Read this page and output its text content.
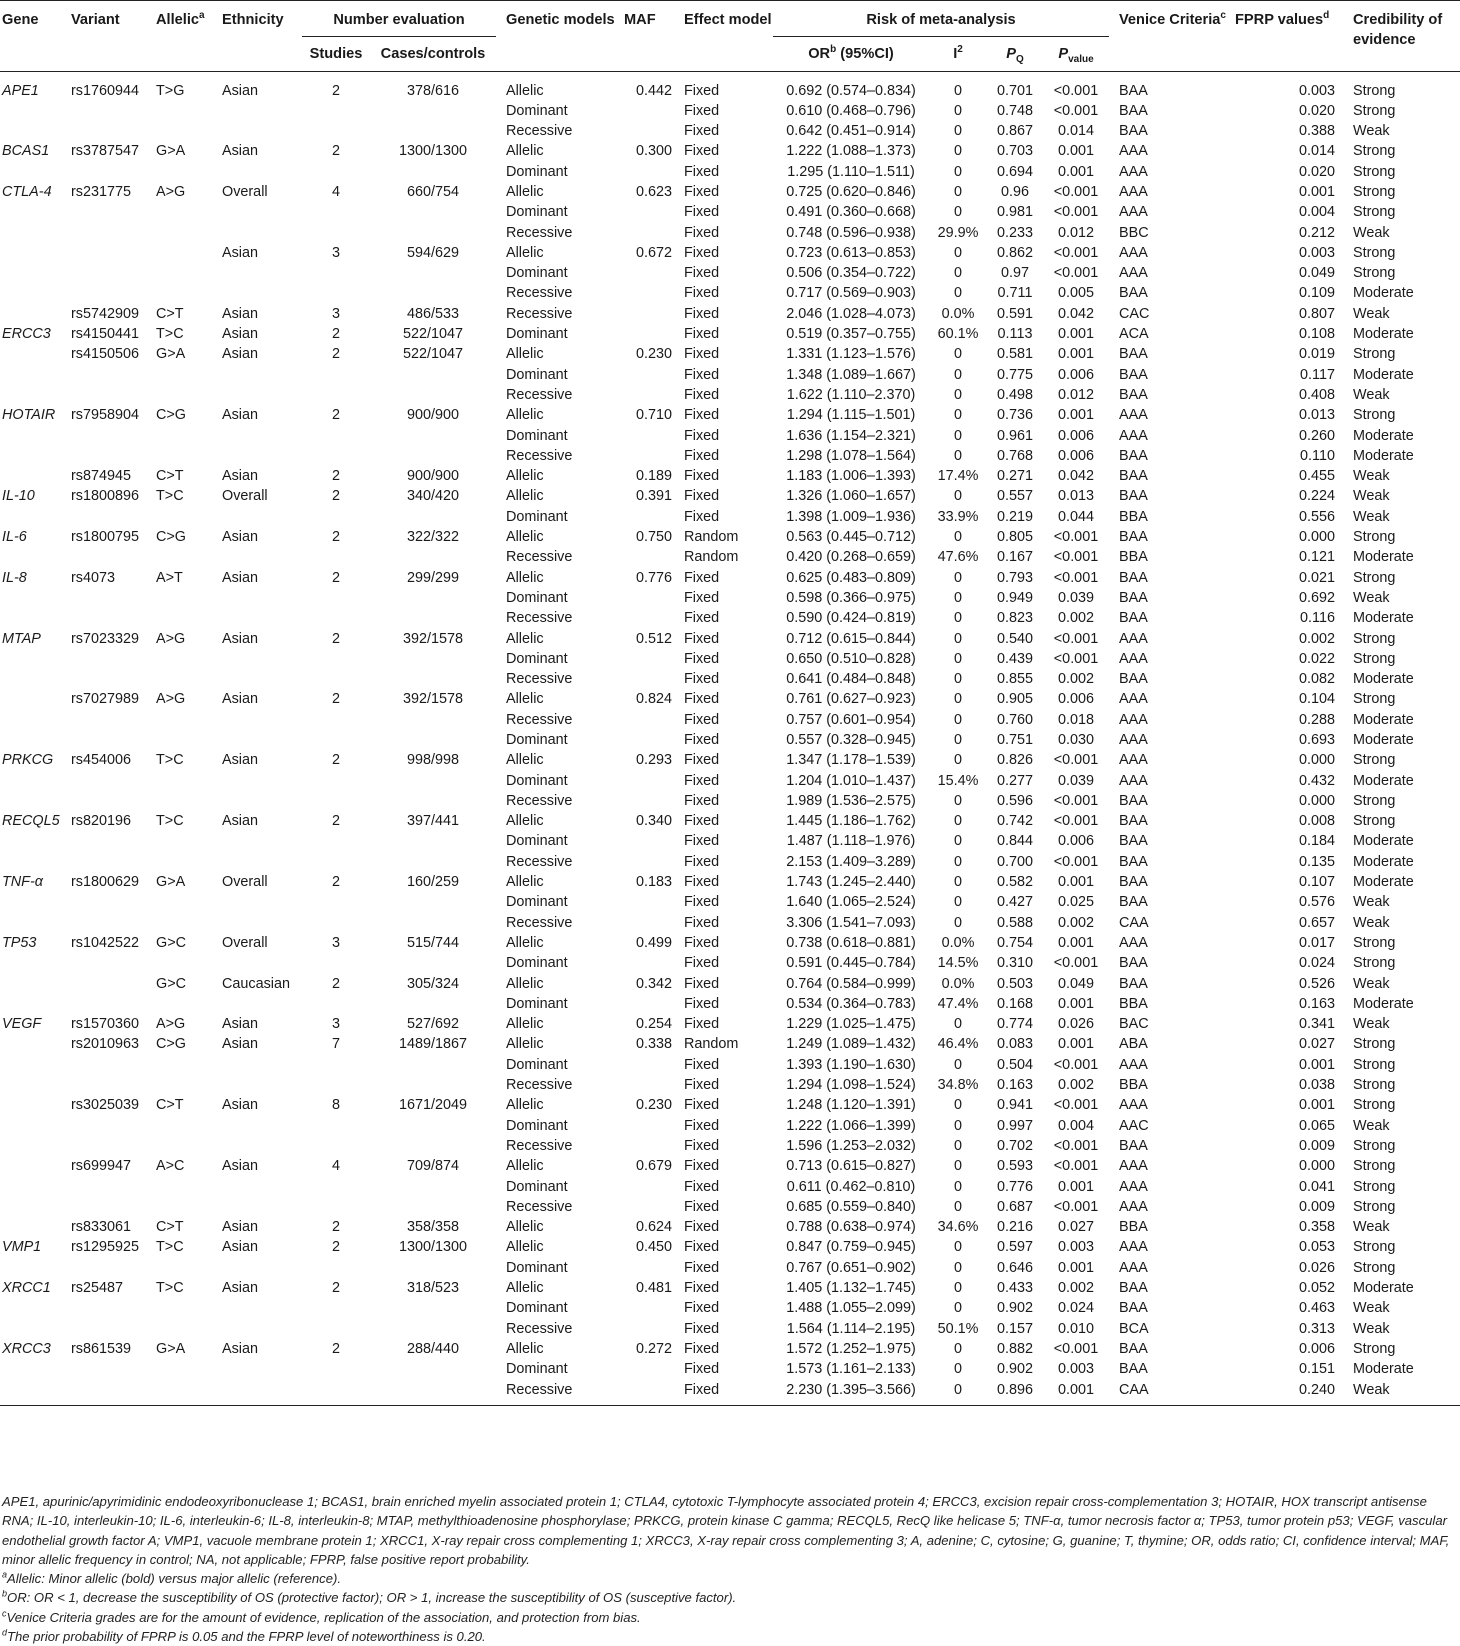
Gene	Variant	Allelic$^a$	Ethnicity	Number evaluation		Genetic models	MAF	Effect model	Risk of meta-analysis				Venice Criteria$^c$	FPRP values$^d$	Credibility of evidence
				Studies	Cases/controls				$OR^b$ (95%CI)	$I^2$	$P_Q$	$P_{value}$

APE1	rs1760944	T>G	Asian	2	378/616	Allelic	0.442	Fixed	0.692 (0.574–0.834)	0	0.701	<0.001	BAA	0.003	Strong
						Dominant		Fixed	0.610 (0.468–0.796)	0	0.748	<0.001	BAA	0.020	Strong
						Recessive		Fixed	0.642 (0.451–0.914)	0	0.867	0.014	BAA	0.388	Weak
BCAS1	rs3787547	G>A	Asian	2	1300/1300	Allelic	0.300	Fixed	1.222 (1.088–1.373)	0	0.703	0.001	AAA	0.014	Strong
						Dominant		Fixed	1.295 (1.110–1.511)	0	0.694	0.001	AAA	0.020	Strong
CTLA-4	rs231775	A>G	Overall	4	660/754	Allelic	0.623	Fixed	0.725 (0.620–0.846)	0	0.96	<0.001	AAA	0.001	Strong
						Dominant		Fixed	0.491 (0.360–0.668)	0	0.981	<0.001	AAA	0.004	Strong
						Recessive		Fixed	0.748 (0.596–0.938)	29.9%	0.233	0.012	BBC	0.212	Weak
			Asian	3	594/629	Allelic	0.672	Fixed	0.723 (0.613–0.853)	0	0.862	<0.001	AAA	0.003	Strong
						Dominant		Fixed	0.506 (0.354–0.722)	0	0.97	<0.001	AAA	0.049	Strong
						Recessive		Fixed	0.717 (0.569–0.903)	0	0.711	0.005	BAA	0.109	Moderate
	rs5742909	C>T	Asian	3	486/533	Recessive		Fixed	2.046 (1.028–4.073)	0.0%	0.591	0.042	CAC	0.807	Weak
ERCC3	rs4150441	T>C	Asian	2	522/1047	Dominant		Fixed	0.519 (0.357–0.755)	60.1%	0.113	0.001	ACA	0.108	Moderate
	rs4150506	G>A	Asian	2	522/1047	Allelic	0.230	Fixed	1.331 (1.123–1.576)	0	0.581	0.001	BAA	0.019	Strong
						Dominant		Fixed	1.348 (1.089–1.667)	0	0.775	0.006	BAA	0.117	Moderate
						Recessive		Fixed	1.622 (1.110–2.370)	0	0.498	0.012	BAA	0.408	Weak
HOTAIR	rs7958904	C>G	Asian	2	900/900	Allelic	0.710	Fixed	1.294 (1.115–1.501)	0	0.736	0.001	AAA	0.013	Strong
						Dominant		Fixed	1.636 (1.154–2.321)	0	0.961	0.006	AAA	0.260	Moderate
						Recessive		Fixed	1.298 (1.078–1.564)	0	0.768	0.006	BAA	0.110	Moderate
	rs874945	C>T	Asian	2	900/900	Allelic	0.189	Fixed	1.183 (1.006–1.393)	17.4%	0.271	0.042	BAA	0.455	Weak
IL-10	rs1800896	T>C	Overall	2	340/420	Allelic	0.391	Fixed	1.326 (1.060–1.657)	0	0.557	0.013	BAA	0.224	Weak
						Dominant		Fixed	1.398 (1.009–1.936)	33.9%	0.219	0.044	BBA	0.556	Weak
IL-6	rs1800795	C>G	Asian	2	322/322	Allelic	0.750	Random	0.563 (0.445–0.712)	0	0.805	<0.001	BAA	0.000	Strong
						Recessive		Random	0.420 (0.268–0.659)	47.6%	0.167	<0.001	BBA	0.121	Moderate
IL-8	rs4073	A>T	Asian	2	299/299	Allelic	0.776	Fixed	0.625 (0.483–0.809)	0	0.793	<0.001	BAA	0.021	Strong
						Dominant		Fixed	0.598 (0.366–0.975)	0	0.949	0.039	BAA	0.692	Weak
						Recessive		Fixed	0.590 (0.424–0.819)	0	0.823	0.002	BAA	0.116	Moderate
MTAP	rs7023329	A>G	Asian	2	392/1578	Allelic	0.512	Fixed	0.712 (0.615–0.844)	0	0.540	<0.001	AAA	0.002	Strong
						Dominant		Fixed	0.650 (0.510–0.828)	0	0.439	<0.001	AAA	0.022	Strong
						Recessive		Fixed	0.641 (0.484–0.848)	0	0.855	0.002	BAA	0.082	Moderate
	rs7027989	A>G	Asian	2	392/1578	Allelic	0.824	Fixed	0.761 (0.627–0.923)	0	0.905	0.006	AAA	0.104	Strong
						Recessive		Fixed	0.757 (0.601–0.954)	0	0.760	0.018	AAA	0.288	Moderate
						Dominant		Fixed	0.557 (0.328–0.945)	0	0.751	0.030	AAA	0.693	Moderate
PRKCG	rs454006	T>C	Asian	2	998/998	Allelic	0.293	Fixed	1.347 (1.178–1.539)	0	0.826	<0.001	AAA	0.000	Strong
						Dominant		Fixed	1.204 (1.010–1.437)	15.4%	0.277	0.039	AAA	0.432	Moderate
						Recessive		Fixed	1.989 (1.536–2.575)	0	0.596	<0.001	BAA	0.000	Strong
RECQL5	rs820196	T>C	Asian	2	397/441	Allelic	0.340	Fixed	1.445 (1.186–1.762)	0	0.742	<0.001	BAA	0.008	Strong
						Dominant		Fixed	1.487 (1.118–1.976)	0	0.844	0.006	BAA	0.184	Moderate
						Recessive		Fixed	2.153 (1.409–3.289)	0	0.700	<0.001	BAA	0.135	Moderate
TNF-α	rs1800629	G>A	Overall	2	160/259	Allelic	0.183	Fixed	1.743 (1.245–2.440)	0	0.582	0.001	BAA	0.107	Moderate
						Dominant		Fixed	1.640 (1.065–2.524)	0	0.427	0.025	BAA	0.576	Weak
						Recessive		Fixed	3.306 (1.541–7.093)	0	0.588	0.002	CAA	0.657	Weak
TP53	rs1042522	G>C	Overall	3	515/744	Allelic	0.499	Fixed	0.738 (0.618–0.881)	0.0%	0.754	0.001	AAA	0.017	Strong
						Dominant		Fixed	0.591 (0.445–0.784)	14.5%	0.310	<0.001	BAA	0.024	Strong
		G>C	Caucasian	2	305/324	Allelic	0.342	Fixed	0.764 (0.584–0.999)	0.0%	0.503	0.049	BAA	0.526	Weak
						Dominant		Fixed	0.534 (0.364–0.783)	47.4%	0.168	0.001	BBA	0.163	Moderate
VEGF	rs1570360	A>G	Asian	3	527/692	Allelic	0.254	Fixed	1.229 (1.025–1.475)	0	0.774	0.026	BAC	0.341	Weak
	rs2010963	C>G	Asian	7	1489/1867	Allelic	0.338	Random	1.249 (1.089–1.432)	46.4%	0.083	0.001	ABA	0.027	Strong
						Dominant		Fixed	1.393 (1.190–1.630)	0	0.504	<0.001	AAA	0.001	Strong
						Recessive		Fixed	1.294 (1.098–1.524)	34.8%	0.163	0.002	BBA	0.038	Strong
	rs3025039	C>T	Asian	8	1671/2049	Allelic	0.230	Fixed	1.248 (1.120–1.391)	0	0.941	<0.001	AAA	0.001	Strong
						Dominant		Fixed	1.222 (1.066–1.399)	0	0.997	0.004	AAC	0.065	Weak
						Recessive		Fixed	1.596 (1.253–2.032)	0	0.702	<0.001	BAA	0.009	Strong
	rs699947	A>C	Asian	4	709/874	Allelic	0.679	Fixed	0.713 (0.615–0.827)	0	0.593	<0.001	AAA	0.000	Strong
						Dominant		Fixed	0.611 (0.462–0.810)	0	0.776	0.001	AAA	0.041	Strong
						Recessive		Fixed	0.685 (0.559–0.840)	0	0.687	<0.001	AAA	0.009	Strong
	rs833061	C>T	Asian	2	358/358	Allelic	0.624	Fixed	0.788 (0.638–0.974)	34.6%	0.216	0.027	BBA	0.358	Weak
VMP1	rs1295925	T>C	Asian	2	1300/1300	Allelic	0.450	Fixed	0.847 (0.759–0.945)	0	0.597	0.003	AAA	0.053	Strong
						Dominant		Fixed	0.767 (0.651–0.902)	0	0.646	0.001	AAA	0.026	Strong
XRCC1	rs25487	T>C	Asian	2	318/523	Allelic	0.481	Fixed	1.405 (1.132–1.745)	0	0.433	0.002	BAA	0.052	Moderate
						Dominant		Fixed	1.488 (1.055–2.099)	0	0.902	0.024	BAA	0.463	Weak
						Recessive		Fixed	1.564 (1.114–2.195)	50.1%	0.157	0.010	BCA	0.313	Weak
XRCC3	rs861539	G>A	Asian	2	288/440	Allelic	0.272	Fixed	1.572 (1.252–1.975)	0	0.882	<0.001	BAA	0.006	Strong
						Dominant		Fixed	1.573 (1.161–2.133)	0	0.902	0.003	BAA	0.151	Moderate
						Recessive		Fixed	2.230 (1.395–3.566)	0	0.896	0.001	CAA	0.240	Weak

APE1, apurinic/apyrimidinic endodeoxyribonuclease 1; BCAS1, brain enriched myelin associated protein 1; CTLA4, cytotoxic T-lymphocyte associated protein 4; ERCC3, excision repair cross-complementation 3; HOTAIR, HOX transcript antisense RNA; IL-10, interleukin-10; IL-6, interleukin-6; IL-8, interleukin-8; MTAP, methylthioadenosine phosphorylase; PRKCG, protein kinase C gamma; RECQL5, RecQ like helicase 5; TNF-α, tumor necrosis factor α; TP53, tumor protein p53; VEGF, vascular endothelial growth factor A; VMP1, vacuole membrane protein 1; XRCC1, X-ray repair cross complementing 1; XRCC3, X-ray repair cross complementing 3; A, adenine; C, cytosine; G, guanine; T, thymine; OR, odds ratio; CI, confidence interval; MAF, minor allelic frequency in control; NA, not applicable; FPRP, false positive report probability.

$^a$Allelic: Minor allelic (bold) versus major allelic (reference).

$^b$OR: OR < 1, decrease the susceptibility of OS (protective factor); OR > 1, increase the susceptibility of OS (susceptive factor).

$^c$Venice Criteria grades are for the amount of evidence, replication of the association, and protection from bias.

$^d$The prior probability of FPRP is 0.05 and the FPRP level of noteworthiness is 0.20.
